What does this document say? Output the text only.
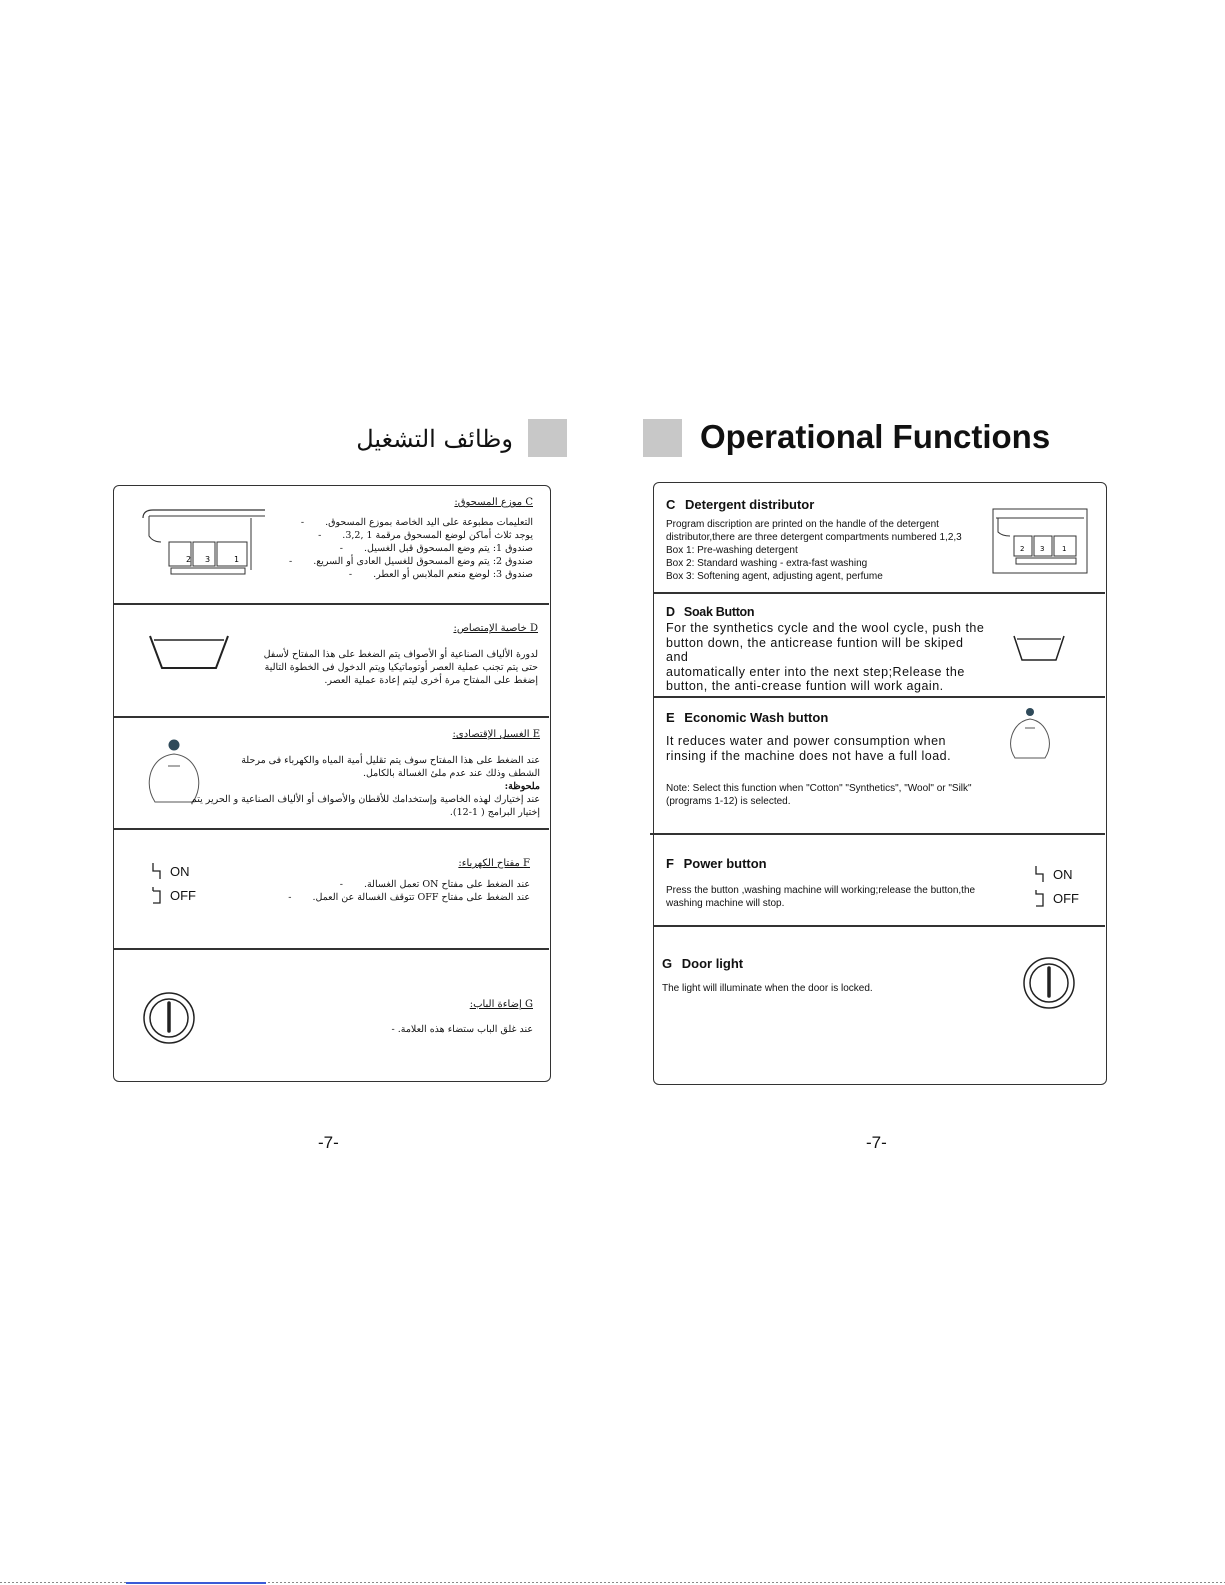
وظائف التشغيل
2 3	1
C موزع المسحوق:
التعليمات مطبوعة على اليد الخاصة بموزع المسحوق. -
يوجد ثلاث أماكن لوضع المسحوق مرقمة 1 ,3,2. -
صندوق 1: يتم وضع المسحوق قبل الغسيل. -
صندوق 2: يتم وضع المسحوق للغسيل العادى أو السريع. -
صندوق 3: لوضع منعم الملابس أو العطر. -
D خاصية الإمتصاص:
لدورة الألياف الصناعية أو الأصواف يتم الضغط على هذا المفتاح لأسفل
حتى يتم تجنب عملية العصر أوتوماتيكيا ويتم الدخول فى الخطوة التالية
إضغط على المفتاح مرة أخرى ليتم إعادة عملية العصر.
E الغسيل الإقتصادى:
عند الضغط على هذا المفتاح سوف يتم تقليل أمية المياه والكهرباء فى مرحلة
الشطف وذلك عند عدم ملئ الغسالة بالكامل.
ملحوظة:
عند إختيارك لهذه الخاصية وإستخدامك للأقطان والأصواف أو الألياف الصناعية و الحرير يتم
إختيار البرامج ( 1-12).
ON
OFF
F مفتاح الكهرباء:
عند الضغط على مفتاح ON تعمل الغسالة. -
عند الضغط على مفتاح OFF تتوقف الغسالة عن العمل. -
G إضاءة الباب:
عند غلق الباب ستضاء هذه العلامة. -
-7-
Operational Functions
C Detergent distributor
Program discription are printed on the handle of the detergent
distributor,there are three detergent compartments numbered 1,2,3
Box 1: Pre-washing detergent
Box 2: Standard washing - extra-fast washing
Box 3: Softening agent, adjusting agent, perfume
2 3	1
D Soak Button
For the synthetics cycle and the wool cycle, push the
button down, the anticrease funtion will be skiped and
automatically enter into the next step;Release the
button, the anti-crease funtion will work again.
E Economic Wash button
It reduces water and power consumption when
rinsing if the machine does not have a full load.
Note: Select this function when "Cotton" "Synthetics", "Wool" or "Silk"
(programs 1-12) is selected.
F Power button
Press the button ,washing machine will working;release the button,the
washing machine will stop.
ON
OFF
G Door light
The light will illuminate when the door is locked.
-7-
